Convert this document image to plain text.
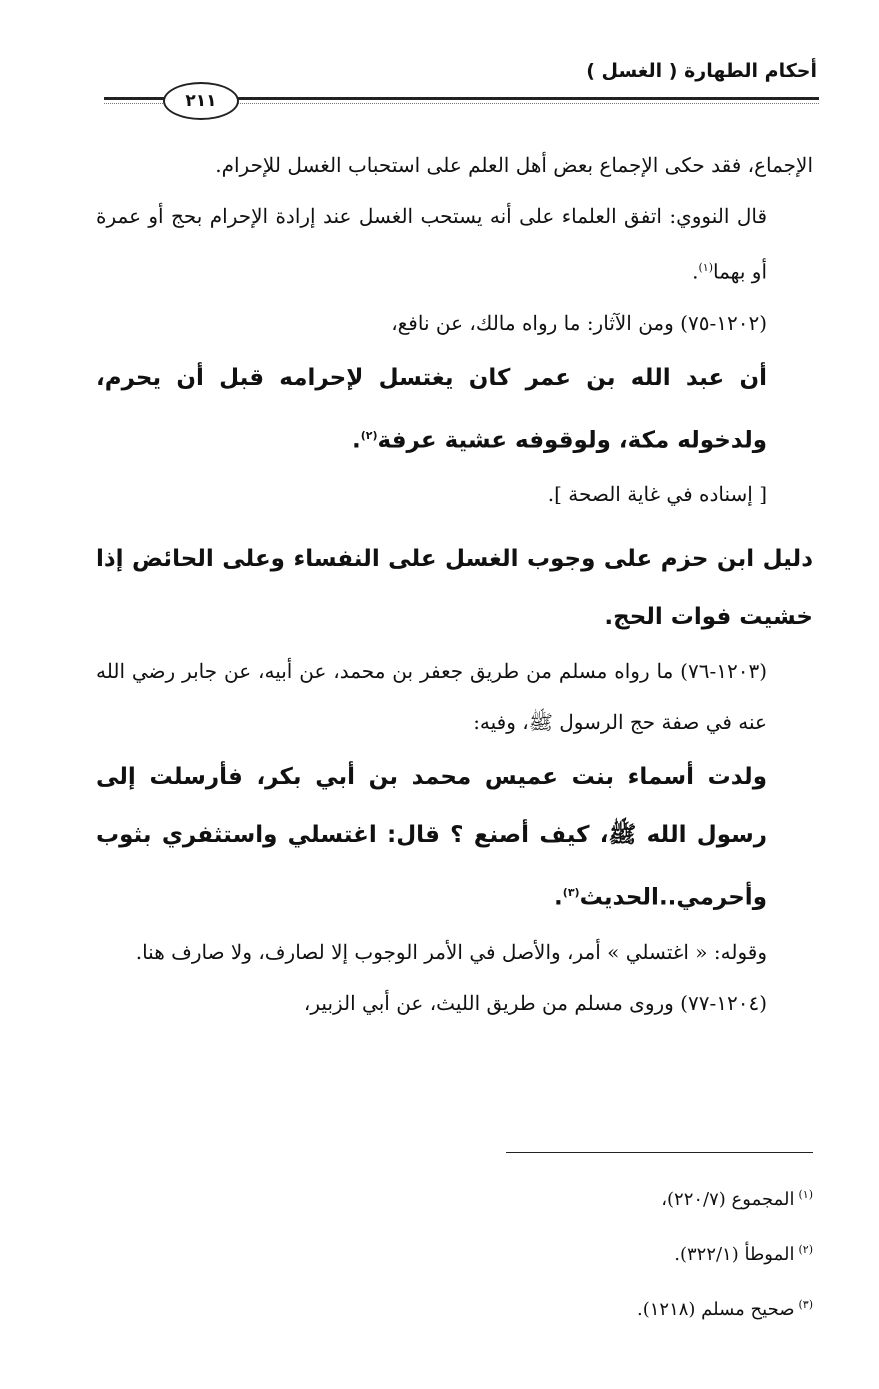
أحكام الطهارة ( الغسل )
٢١١

الإجماع، فقد حكى الإجماع بعض أهل العلم على استحباب الغسل للإحرام.

قال النووي: اتفق العلماء على أنه يستحب الغسل عند إرادة الإحرام بحج أو عمرة أو بهما$^{(١)}$.

(١٢٠٢-٧٥) ومن الآثار: ما رواه مالك، عن نافع،

أن عبد الله بن عمر كان يغتسل لإحرامه قبل أن يحرم، ولدخوله مكة، ولوقوفه عشية عرفة$^{(٢)}$.

[ إسناده في غاية الصحة ].

دليل ابن حزم على وجوب الغسل على النفساء وعلى الحائض إذا خشيت فوات الحج.

(١٢٠٣-٧٦) ما رواه مسلم من طريق جعفر بن محمد، عن أبيه، عن جابر رضي الله عنه في صفة حج الرسول ﷺ، وفيه:

ولدت أسماء بنت عميس محمد بن أبي بكر، فأرسلت إلى رسول الله ﷺ، كيف أصنع ؟ قال: اغتسلي واستثفري بثوب وأحرمي..الحديث$^{(٣)}$.

وقوله: « اغتسلي » أمر، والأصل في الأمر الوجوب إلا لصارف، ولا صارف هنا.

(١٢٠٤-٧٧) وروى مسلم من طريق الليث، عن أبي الزبير،

$^{(١)}$المجموع (٢٢٠/٧)،
$^{(٢)}$الموطأ (٣٢٢/١).
$^{(٣)}$صحيح مسلم (١٢١٨).
